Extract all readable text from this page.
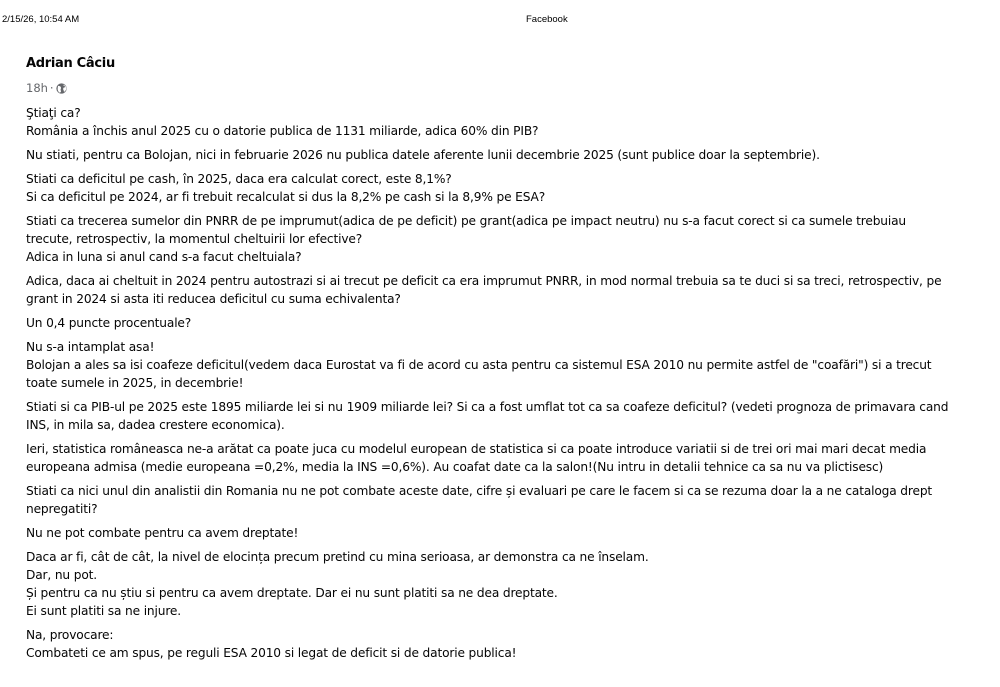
2/15/26, 10:54 AM	Facebook
Adrian Câciu
18h ·

Ştiaţi ca?
România a închis anul 2025 cu o datorie publica de 1131 miliarde, adica 60% din PIB?

Nu stiati, pentru ca Bolojan, nici in februarie 2026 nu publica datele aferente lunii decembrie 2025 (sunt publice doar la septembrie).

Stiati ca deficitul pe cash, în 2025, daca era calculat corect, este 8,1%?
Si ca deficitul pe 2024, ar fi trebuit recalculat si dus la 8,2% pe cash si la 8,9% pe ESA?

Stiati ca trecerea sumelor din PNRR de pe imprumut(adica de pe deficit) pe grant(adica pe impact neutru) nu s-a facut corect si ca sumele trebuiau
trecute, retrospectiv, la momentul cheltuirii lor efective?
Adica in luna si anul cand s-a facut cheltuiala?

Adica, daca ai cheltuit in 2024 pentru autostrazi si ai trecut pe deficit ca era imprumut PNRR, in mod normal trebuia sa te duci si sa treci, retrospectiv, pe
grant in 2024 si asta iti reducea deficitul cu suma echivalenta?

Un 0,4 puncte procentuale?

Nu s-a intamplat asa!
Bolojan a ales sa isi coafeze deficitul(vedem daca Eurostat va fi de acord cu asta pentru ca sistemul ESA 2010 nu permite astfel de "coafări") si a trecut
toate sumele in 2025, in decembrie!

Stiati si ca PIB-ul pe 2025 este 1895 miliarde lei si nu 1909 miliarde lei? Si ca a fost umflat tot ca sa coafeze deficitul? (vedeti prognoza de primavara cand
INS, in mila sa, dadea crestere economica).

Ieri, statistica româneasca ne-a arătat ca poate juca cu modelul european de statistica si ca poate introduce variatii si de trei ori mai mari decat media
europeana admisa (medie europeana =0,2%, media la INS =0,6%). Au coafat date ca la salon!(Nu intru in detalii tehnice ca sa nu va plictisesc)

Stiati ca nici unul din analistii din Romania nu ne pot combate aceste date, cifre și evaluari pe care le facem si ca se rezuma doar la a ne cataloga drept
nepregatiti?

Nu ne pot combate pentru ca avem dreptate!

Daca ar fi, cât de cât, la nivel de elocința precum pretind cu mina serioasa, ar demonstra ca ne înselam.
Dar, nu pot.
Și pentru ca nu știu si pentru ca avem dreptate. Dar ei nu sunt platiti sa ne dea dreptate.
Ei sunt platiti sa ne injure.

Na, provocare:
Combateti ce am spus, pe reguli ESA 2010 si legat de deficit si de datorie publica!
